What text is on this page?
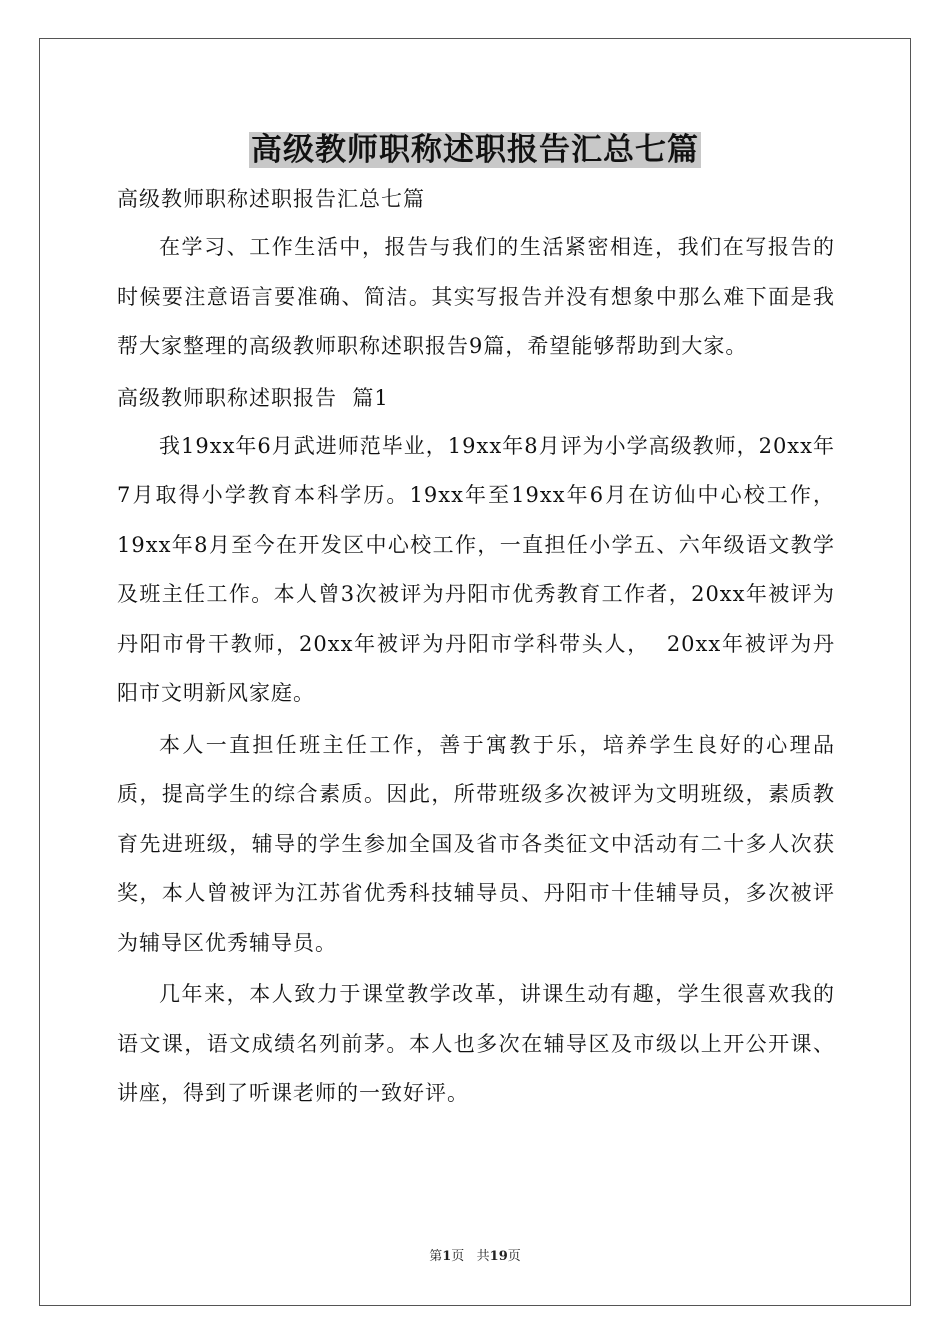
高级教师职称述职报告汇总七篇

高级教师职称述职报告汇总七篇

在学习、工作生活中，报告与我们的生活紧密相连，我们在写报告的时候要注意语言要准确、简洁。其实写报告并没有想象中那么难下面是我帮大家整理的高级教师职称述职报告9篇，希望能够帮助到大家。

高级教师职称述职报告  篇1

我19xx年6月武进师范毕业，19xx年8月评为小学高级教师，20xx年7月取得小学教育本科学历。19xx年至19xx年6月在访仙中心校工作，19xx年8月至今在开发区中心校工作，一直担任小学五、六年级语文教学及班主任工作。本人曾3次被评为丹阳市优秀教育工作者，20xx年被评为丹阳市骨干教师，20xx年被评为丹阳市学科带头人，  20xx年被评为丹阳市文明新风家庭。

本人一直担任班主任工作，善于寓教于乐，培养学生良好的心理品质，提高学生的综合素质。因此，所带班级多次被评为文明班级，素质教育先进班级，辅导的学生参加全国及省市各类征文中活动有二十多人次获奖，本人曾被评为江苏省优秀科技辅导员、丹阳市十佳辅导员，多次被评为辅导区优秀辅导员。

几年来，本人致力于课堂教学改革，讲课生动有趣，学生很喜欢我的语文课，语文成绩名列前茅。本人也多次在辅导区及市级以上开公开课、讲座，得到了听课老师的一致好评。

第1页   共19页
